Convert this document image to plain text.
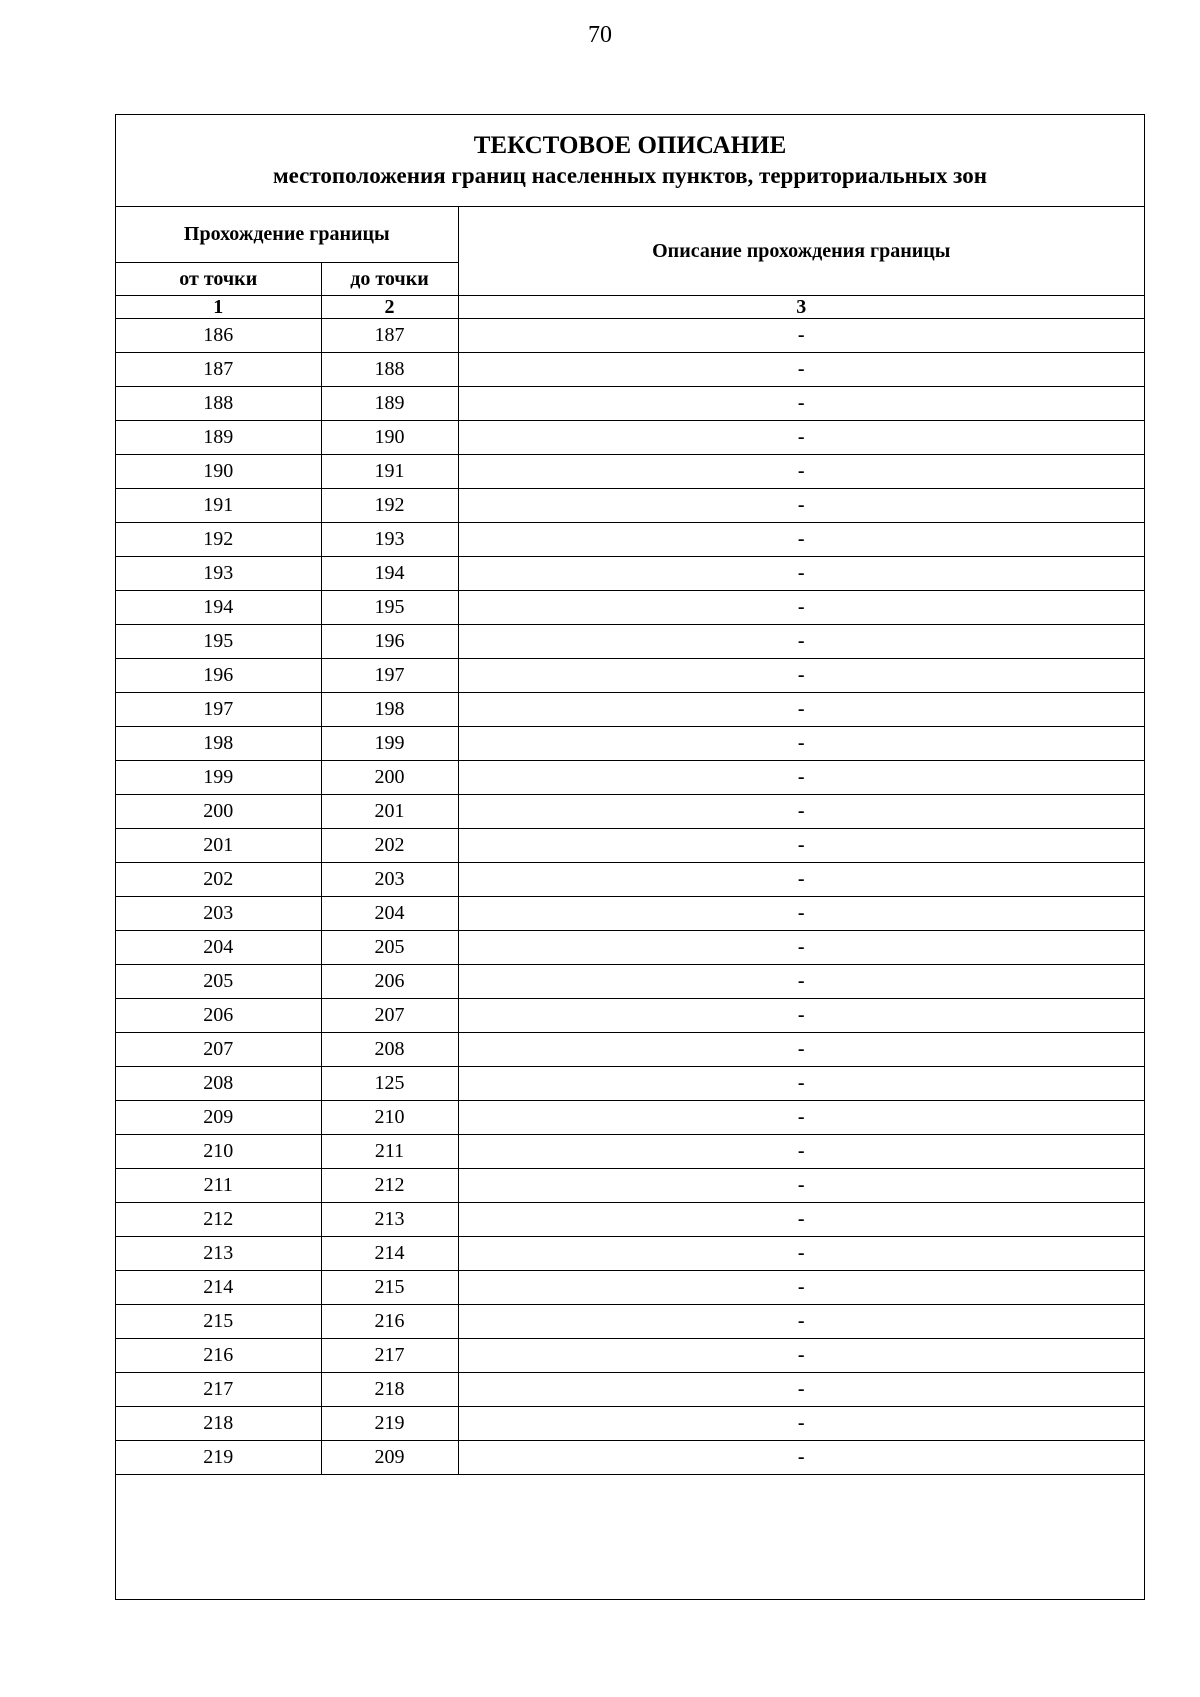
70
ТЕКСТОВОЕ ОПИСАНИЕ
местоположения границ населенных пунктов, территориальных зон
Прохождение границы		Описание прохождения границы
от точки	до точки	
1	2	3
186	187	-
187	188	-
188	189	-
189	190	-
190	191	-
191	192	-
192	193	-
193	194	-
194	195	-
195	196	-
196	197	-
197	198	-
198	199	-
199	200	-
200	201	-
201	202	-
202	203	-
203	204	-
204	205	-
205	206	-
206	207	-
207	208	-
208	125	-
209	210	-
210	211	-
211	212	-
212	213	-
213	214	-
214	215	-
215	216	-
216	217	-
217	218	-
218	219	-
219	209	-
